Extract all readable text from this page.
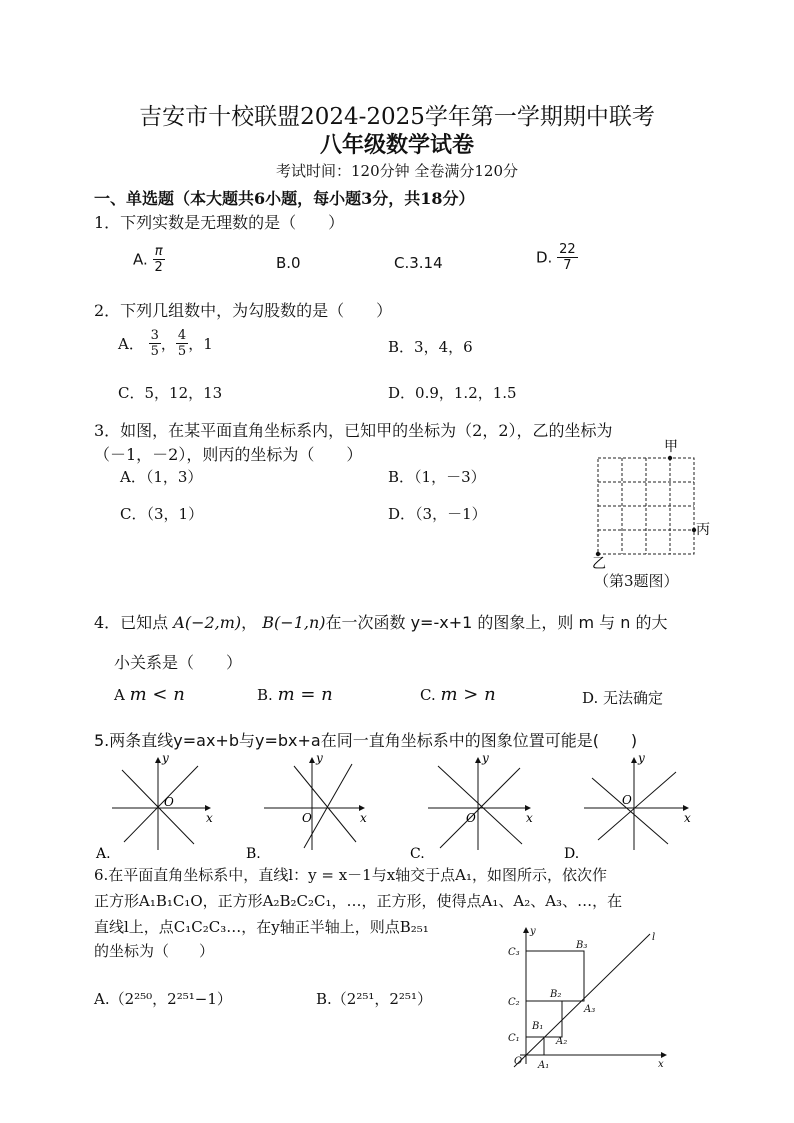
吉安市十校联盟2024-2025学年第一学期期中联考
八年级数学试卷
考试时间：120分钟 全卷满分120分
一、单选题（本大题共6小题，每小题3分，共18分）
1．下列实数是无理数的是（　　）
A. $\frac{\pi}{2}$	B.0	C.3.14	D. $\frac{22}{7}$
2．下列几组数中，为勾股数的是（　　）
A． $\frac{3}{5}$ ， $\frac{4}{5}$ ，1	B．3，4，6
C．5，12，13	D．0.9，1.2，1.5
3．如图，在某平面直角坐标系内，已知甲的坐标为（2，2），乙的坐标为
（－1，－2），则丙的坐标为（　　）
A．（1，3）	B．（1，－3）
C．（3，1）	D．（3，－1）
甲
丙
乙
（第3题图）
4．已知点 A(−2,m)， B(−1,n)在一次函数 y=-x+1 的图象上，则 m 与 n 的大
小关系是（　　）
A m < n	B. m = n	C. m > n	D. 无法确定
5.两条直线y=ax+b与y=bx+a在同一直角坐标系中的图象位置可能是(　　)
y
x
O
A.
y
x
O
B.
y
x
O
C.
y
x
O
D.
6.在平面直角坐标系中，直线l：y = x－1与x轴交于点A₁，如图所示，依次作
正方形A₁B₁C₁O，正方形A₂B₂C₂C₁，…，正方形，使得点A₁、A₂、A₃、…，在
直线l上，点C₁C₂C₃…，在y轴正半轴上，则点B₂₅₁
的坐标为（　　）
A.（2²⁵⁰，2²⁵¹−1）	B.（2²⁵¹，2²⁵¹）
y
x
l
O
C₁
C₂
C₃
B₁
B₂
B₃
A₁
A₂
A₃
